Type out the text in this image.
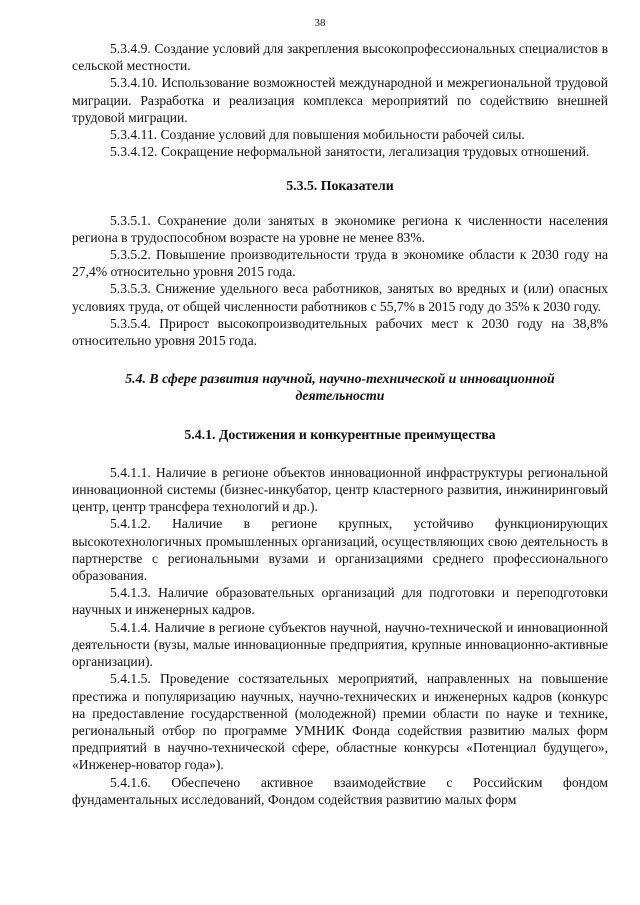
38

5.3.4.9. Создание условий для закрепления высокопрофессиональных специалистов в сельской местности.

5.3.4.10. Использование возможностей международной и межрегиональной трудовой миграции. Разработка и реализация комплекса мероприятий по содействию внешней трудовой миграции.

5.3.4.11. Создание условий для повышения мобильности рабочей силы.

5.3.4.12. Сокращение неформальной занятости, легализация трудовых отношений.

5.3.5. Показатели

5.3.5.1. Сохранение доли занятых в экономике региона к численности населения региона в трудоспособном возрасте на уровне не менее 83%.

5.3.5.2. Повышение производительности труда в экономике области к 2030 году на 27,4% относительно уровня 2015 года.

5.3.5.3. Снижение удельного веса работников, занятых во вредных и (или) опасных условиях труда, от общей численности работников с 55,7% в 2015 году до 35% к 2030 году.

5.3.5.4. Прирост высокопроизводительных рабочих мест к 2030 году на 38,8% относительно уровня 2015 года.

5.4. В сфере развития научной, научно-технической и инновационной
деятельности

5.4.1. Достижения и конкурентные преимущества

5.4.1.1. Наличие в регионе объектов инновационной инфраструктуры региональной инновационной системы (бизнес-инкубатор, центр кластерного развития, инжиниринговый центр, центр трансфера технологий и др.).

5.4.1.2. Наличие в регионе крупных, устойчиво функционирующих высокотехнологичных промышленных организаций, осуществляющих свою деятельность в партнерстве с региональными вузами и организациями среднего профессионального образования.

5.4.1.3. Наличие образовательных организаций для подготовки и переподготовки научных и инженерных кадров.

5.4.1.4. Наличие в регионе субъектов научной, научно-технической и инновационной деятельности (вузы, малые инновационные предприятия, крупные инновационно-активные организации).

5.4.1.5. Проведение состязательных мероприятий, направленных на повышение престижа и популяризацию научных, научно-технических и инженерных кадров (конкурс на предоставление государственной (молодежной) премии области по науке и технике, региональный отбор по программе УМНИК Фонда содействия развитию малых форм предприятий в научно-технической сфере, областные конкурсы «Потенциал будущего», «Инженер-новатор года»).

5.4.1.6. Обеспечено активное взаимодействие с Российским фондом фундаментальных исследований, Фондом содействия развитию малых форм
